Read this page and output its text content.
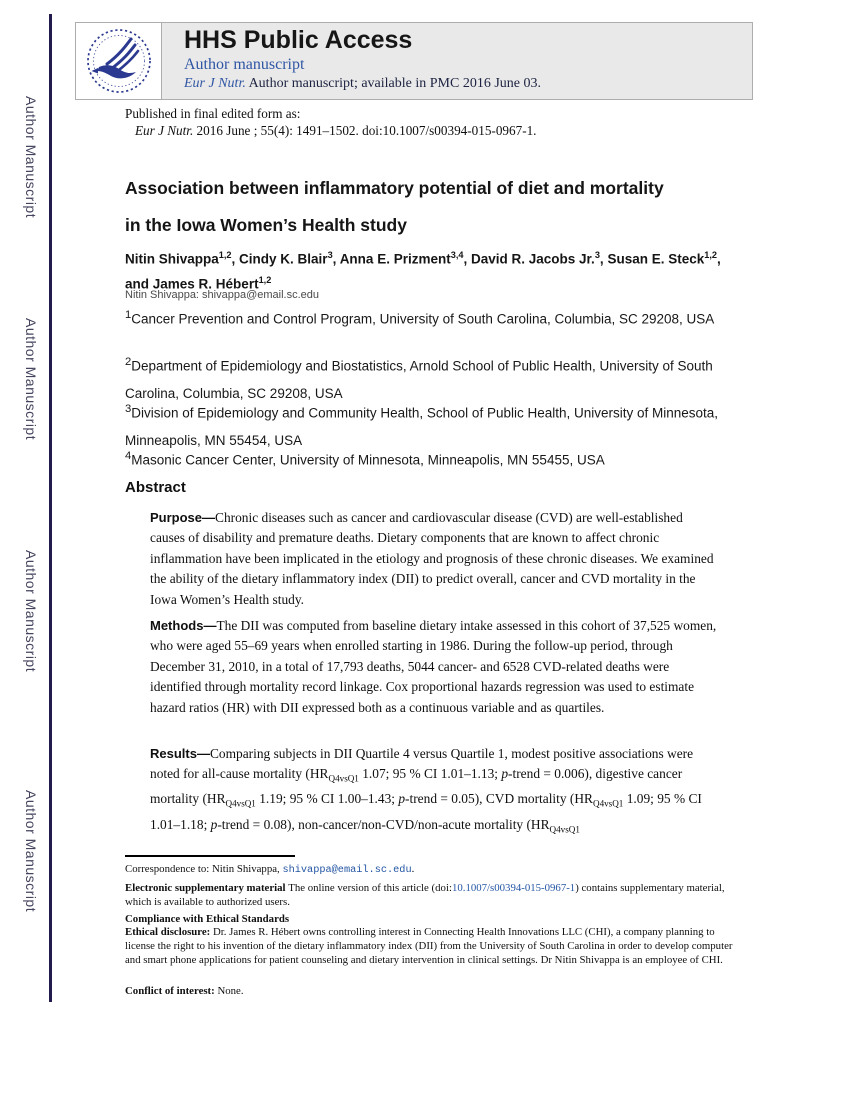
Author Manuscript
Author Manuscript
Author Manuscript
Author Manuscript
HHS Public Access
Author manuscript
Eur J Nutr. Author manuscript; available in PMC 2016 June 03.
Published in final edited form as:
Eur J Nutr. 2016 June ; 55(4): 1491–1502. doi:10.1007/s00394-015-0967-1.
Association between inflammatory potential of diet and mortality
in the Iowa Women’s Health study
Nitin Shivappa$^{1,2}$, Cindy K. Blair$^3$, Anna E. Prizment$^{3,4}$, David R. Jacobs Jr.$^3$, Susan E. Steck$^{1,2}$, and James R. Hébert$^{1,2}$
Nitin Shivappa: shivappa@email.sc.edu
$^1$Cancer Prevention and Control Program, University of South Carolina, Columbia, SC 29208, USA
$^2$Department of Epidemiology and Biostatistics, Arnold School of Public Health, University of South Carolina, Columbia, SC 29208, USA
$^3$Division of Epidemiology and Community Health, School of Public Health, University of Minnesota, Minneapolis, MN 55454, USA
$^4$Masonic Cancer Center, University of Minnesota, Minneapolis, MN 55455, USA
Abstract
Purpose—Chronic diseases such as cancer and cardiovascular disease (CVD) are well-established causes of disability and premature deaths. Dietary components that are known to affect chronic inflammation have been implicated in the etiology and prognosis of these chronic diseases. We examined the ability of the dietary inflammatory index (DII) to predict overall, cancer and CVD mortality in the Iowa Women’s Health study.
Methods—The DII was computed from baseline dietary intake assessed in this cohort of 37,525 women, who were aged 55–69 years when enrolled starting in 1986. During the follow-up period, through December 31, 2010, in a total of 17,793 deaths, 5044 cancer- and 6528 CVD-related deaths were identified through mortality record linkage. Cox proportional hazards regression was used to estimate hazard ratios (HR) with DII expressed both as a continuous variable and as quartiles.
Results—Comparing subjects in DII Quartile 4 versus Quartile 1, modest positive associations were noted for all-cause mortality ($HR_{Q4vsQ1}$ 1.07; 95 % CI 1.01–1.13; p-trend = 0.006), digestive cancer mortality ($HR_{Q4vsQ1}$ 1.19; 95 % CI 1.00–1.43; p-trend = 0.05), CVD mortality ($HR_{Q4vsQ1}$ 1.09; 95 % CI 1.01–1.18; p-trend = 0.08), non-cancer/non-CVD/non-acute mortality ($HR_{Q4vsQ1}$
Correspondence to: Nitin Shivappa, shivappa@email.sc.edu.
Electronic supplementary material The online version of this article (doi:10.1007/s00394-015-0967-1) contains supplementary material, which is available to authorized users.
Compliance with Ethical Standards
Ethical disclosure: Dr. James R. Hébert owns controlling interest in Connecting Health Innovations LLC (CHI), a company planning to license the right to his invention of the dietary inflammatory index (DII) from the University of South Carolina in order to develop computer and smart phone applications for patient counseling and dietary intervention in clinical settings. Dr Nitin Shivappa is an employee of CHI.
Conflict of interest: None.
